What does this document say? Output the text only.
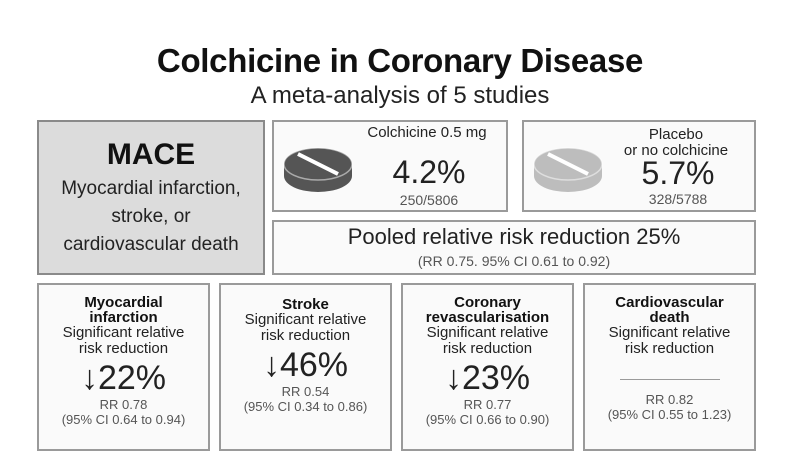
Colchicine in Coronary Disease
A meta-analysis of 5 studies
MACE
Myocardial infarction,
stroke, or
cardiovascular death
Colchicine 0.5 mg
4.2%
250/5806
Placebo
or no colchicine
5.7%
328/5788
Pooled relative risk reduction 25%
(RR 0.75. 95% CI 0.61 to 0.92)
Myocardial
infarction
Significant relative
risk reduction
↓22%
RR 0.78
(95% CI 0.64 to 0.94)
Stroke
Significant relative
risk reduction
↓46%
RR 0.54
(95% CI 0.34 to 0.86)
Coronary
revascularisation
Significant relative
risk reduction
↓23%
RR 0.77
(95% CI 0.66 to 0.90)
Cardiovascular
death
Significant relative
risk reduction
RR 0.82
(95% CI 0.55 to 1.23)
